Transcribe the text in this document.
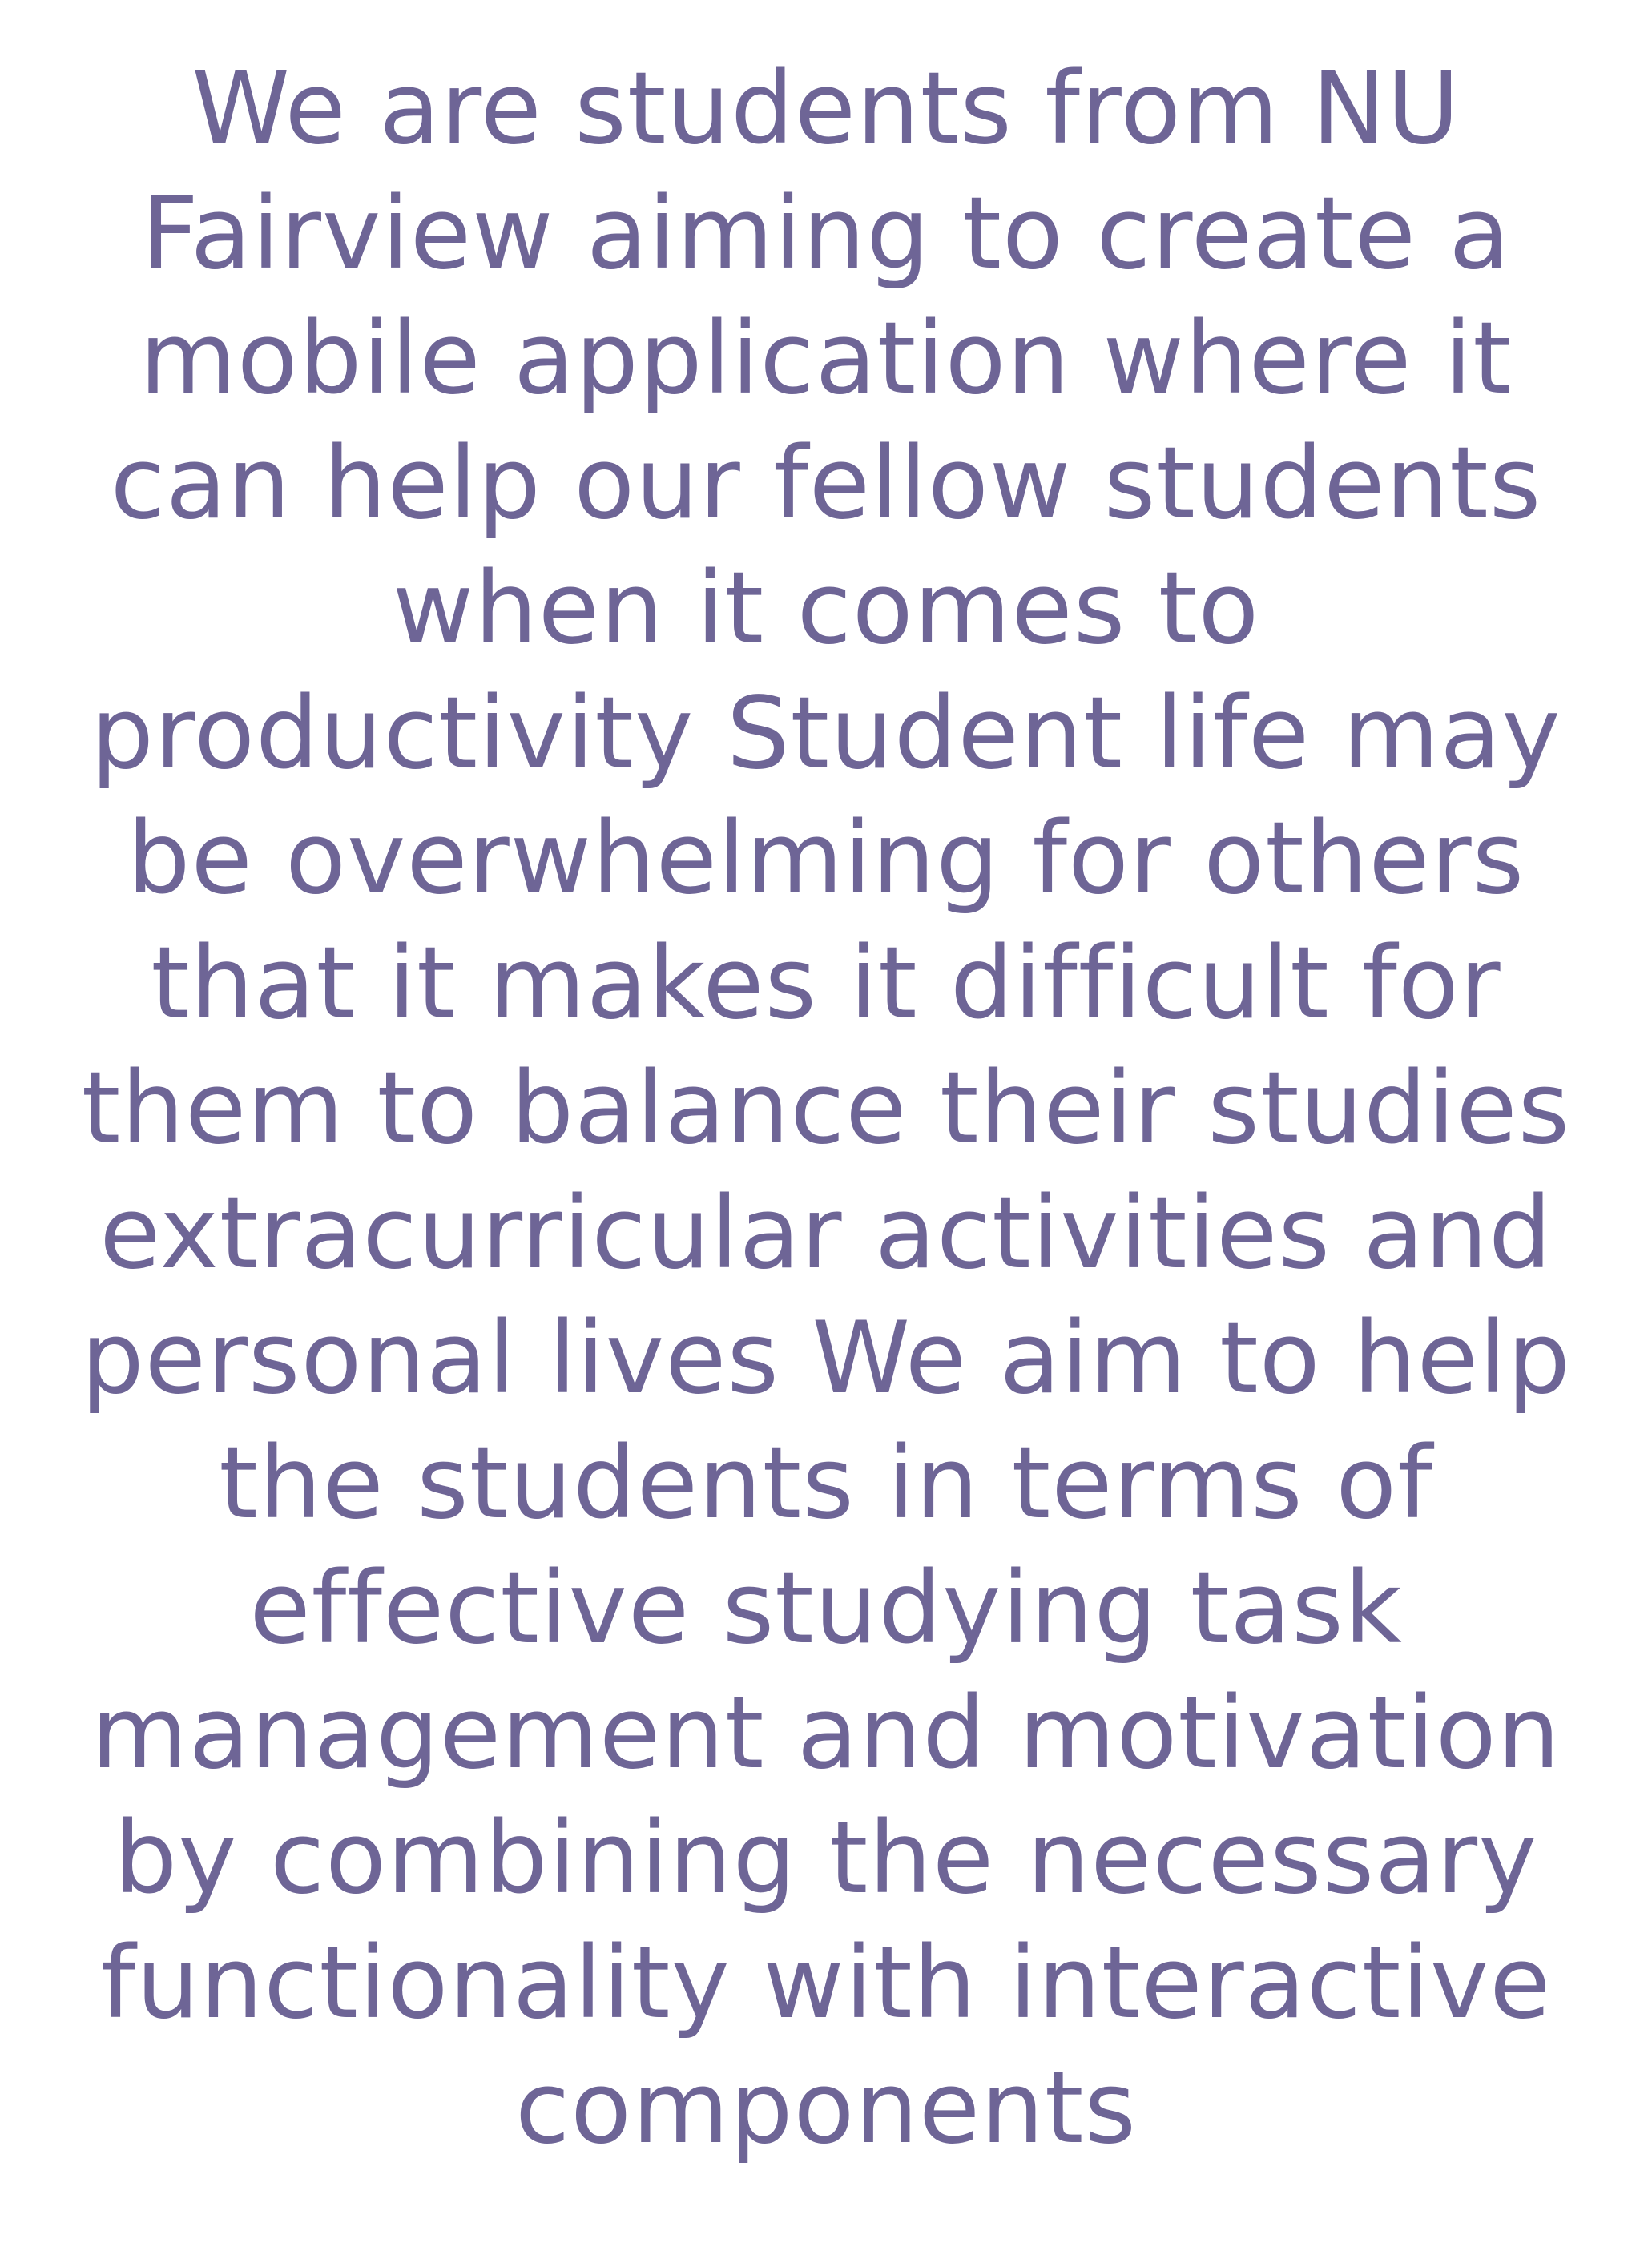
We are students from NU
Fairview aiming to create a
mobile application where it
can help our fellow students
when it comes to
productivity Student life may
be overwhelming for others
that it makes it difficult for
them to balance their studies
extracurricular activities and
personal lives We aim to help
the students in terms of
effective studying task
management and motivation
by combining the necessary
functionality with interactive
components
